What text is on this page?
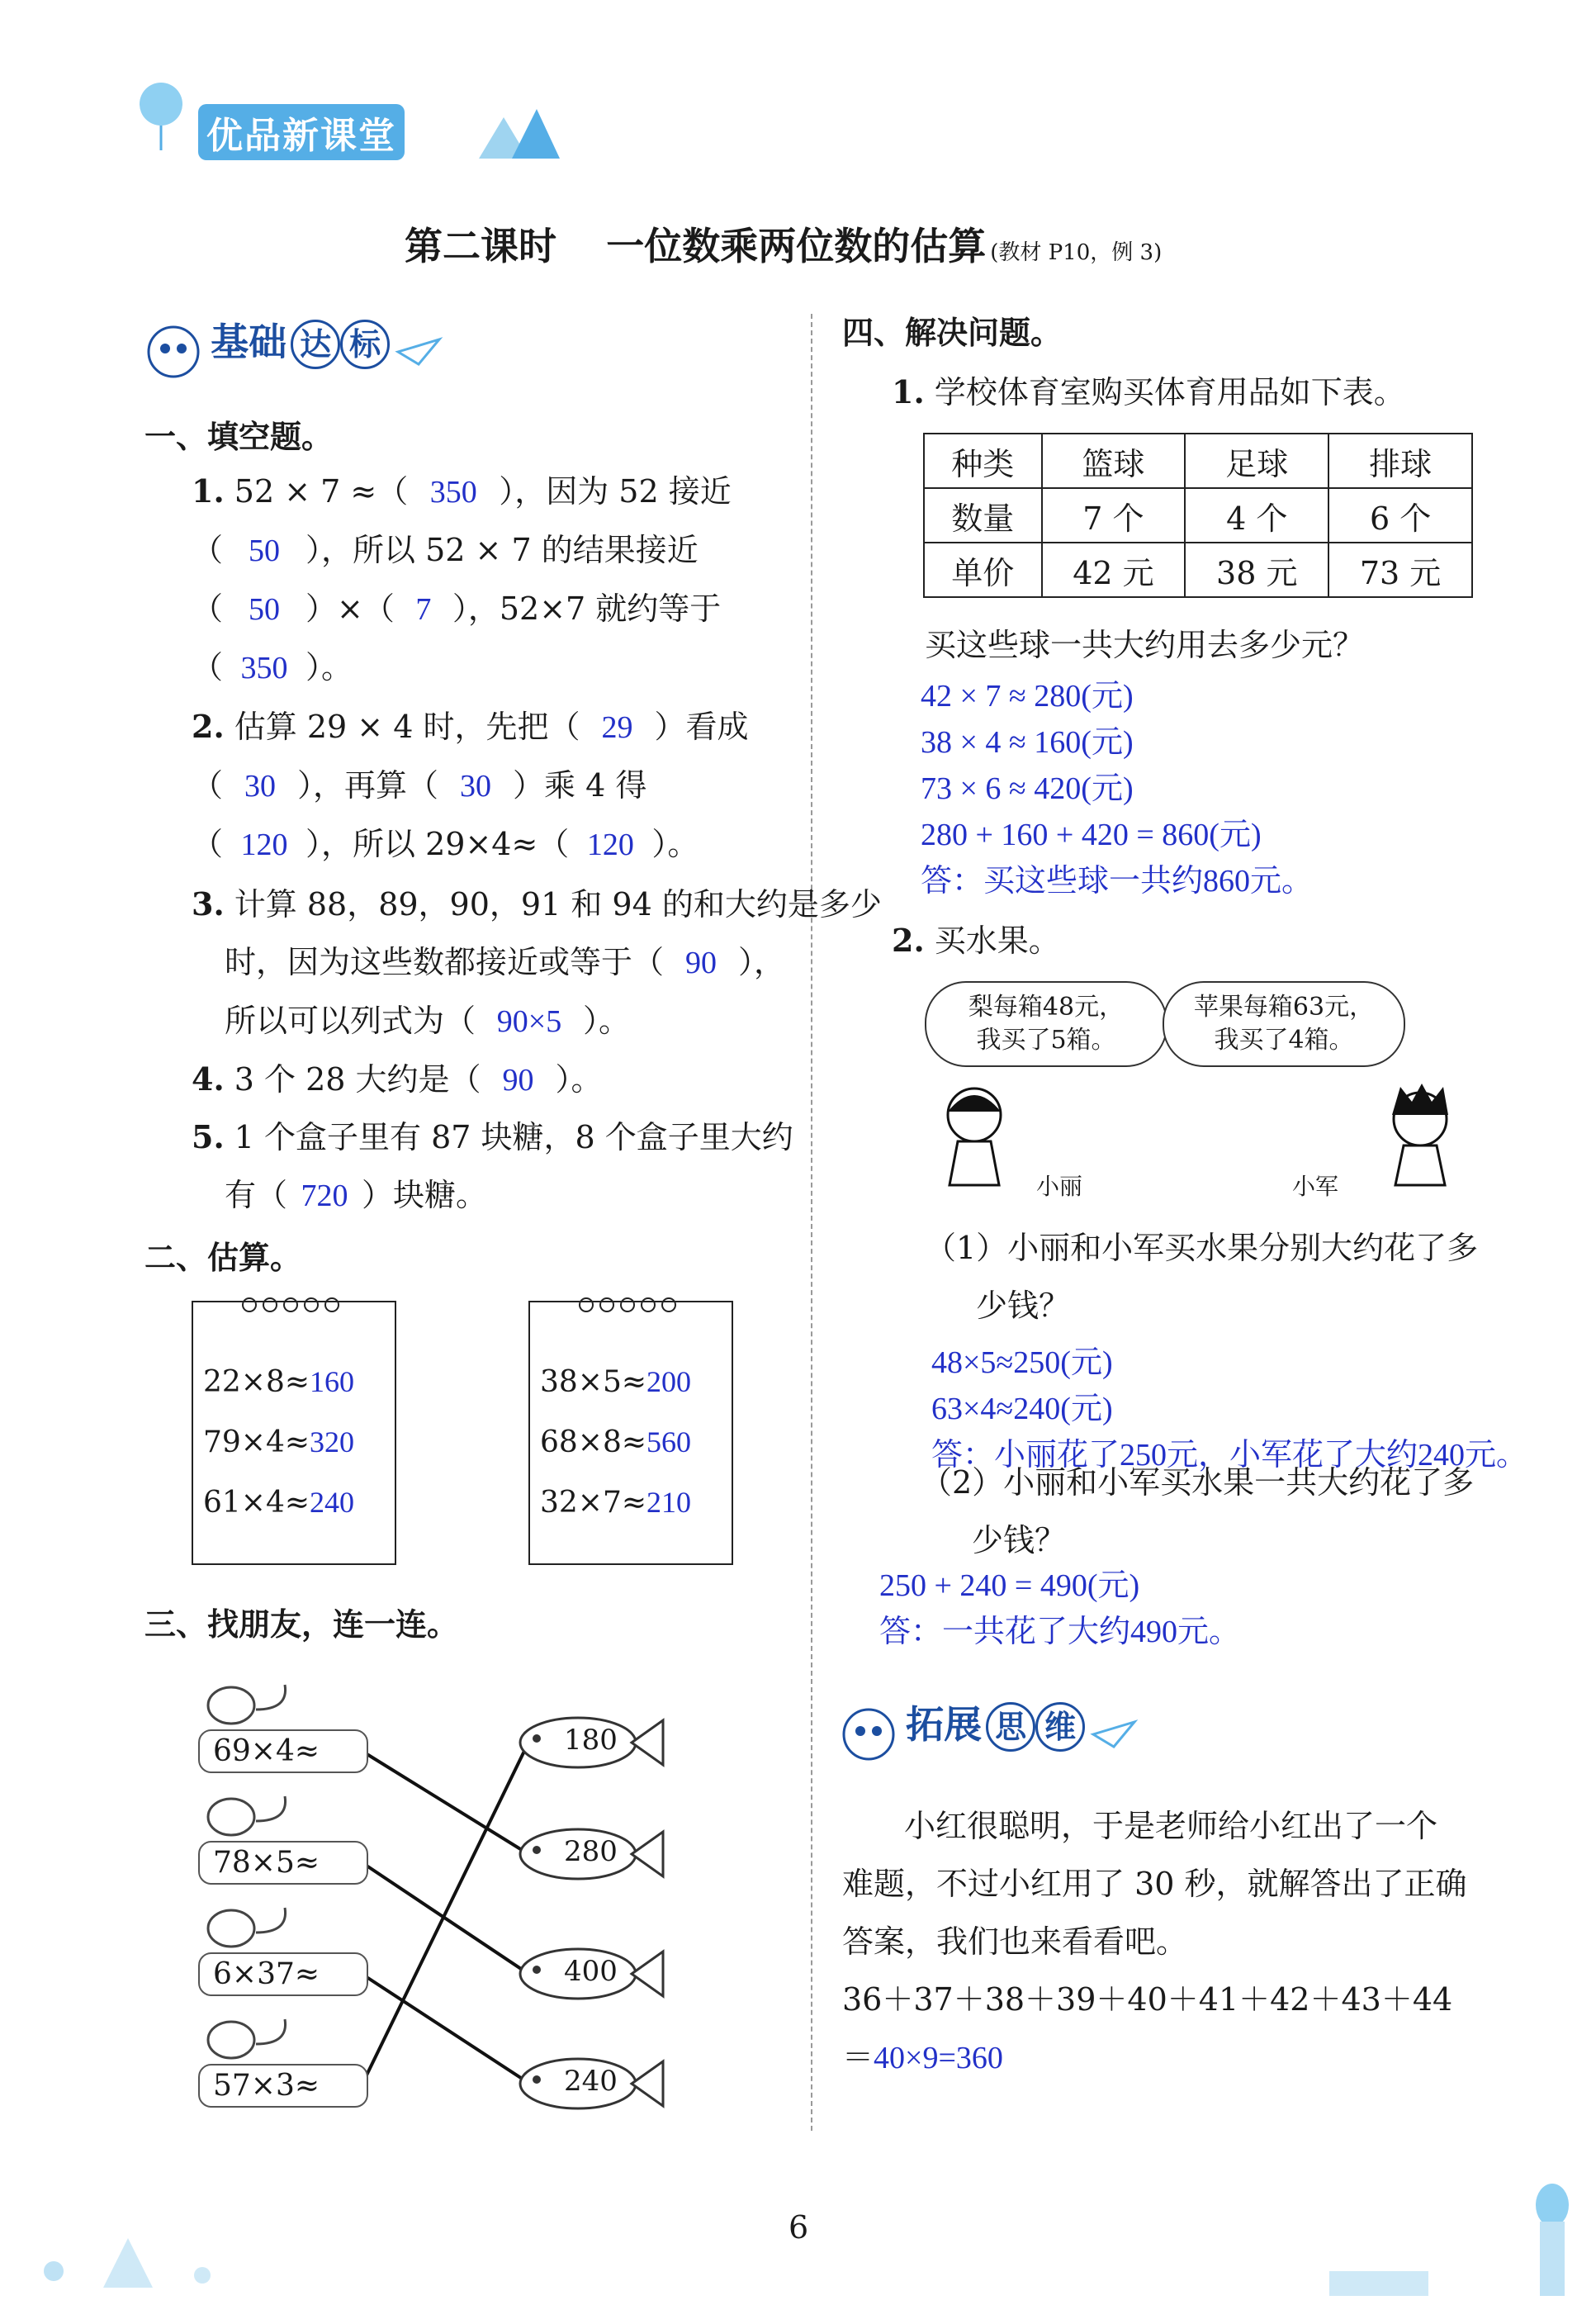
优品新课堂
第二课时 一位数乘两位数的估算 (教材 P10，例 3)
基础 达 标
一、填空题。
1. 52 × 7 ≈（ 350 ），因为 52 接近
（ 50 ），所以 52 × 7 的结果接近
（ 50 ）×（ 7 ），52×7 就约等于
（ 350 ）。
2. 估算 29 × 4 时，先把（ 29 ）看成
（ 30 ），再算（ 30 ）乘 4 得
（ 120 ），所以 29×4≈（ 120 ）。
3. 计算 88，89，90，91 和 94 的和大约是多少
时，因为这些数都接近或等于（ 90 ），
所以可以列式为（ 90×5 ）。
4. 3 个 28 大约是（ 90 ）。
5. 1 个盒子里有 87 块糖，8 个盒子里大约
有（ 720 ）块糖。
二、估算。
22×8≈160
79×4≈320
61×4≈240
38×5≈200
68×8≈560
32×7≈210
三、找朋友，连一连。
69×4≈
78×5≈
6×37≈
57×3≈
180
280
400
240
四、解决问题。
1. 学校体育室购买体育用品如下表。
种类	篮球	足球	排球
数量	7 个	4 个	6 个
单价	42 元	38 元	73 元
买这些球一共大约用去多少元？
42 × 7 ≈ 280(元)
38 × 4 ≈ 160(元)
73 × 6 ≈ 420(元)
280 + 160 + 420 = 860(元)
答：买这些球一共约860元。
2. 买水果。
梨每箱48元，
我买了5箱。
苹果每箱63元，
我买了4箱。
小丽	小军
（1）小丽和小军买水果分别大约花了多
少钱？
48×5≈250(元)
63×4≈240(元)
答：小丽花了250元，小军花了大约240元。
（2）小丽和小军买水果一共大约花了多
少钱？
250 + 240 = 490(元)
答：一共花了大约490元。
拓展 思 维
小红很聪明，于是老师给小红出了一个
难题，不过小红用了 30 秒，就解答出了正确
答案，我们也来看看吧。
36＋37＋38＋39＋40＋41＋42＋43＋44
＝40×9=360
6
